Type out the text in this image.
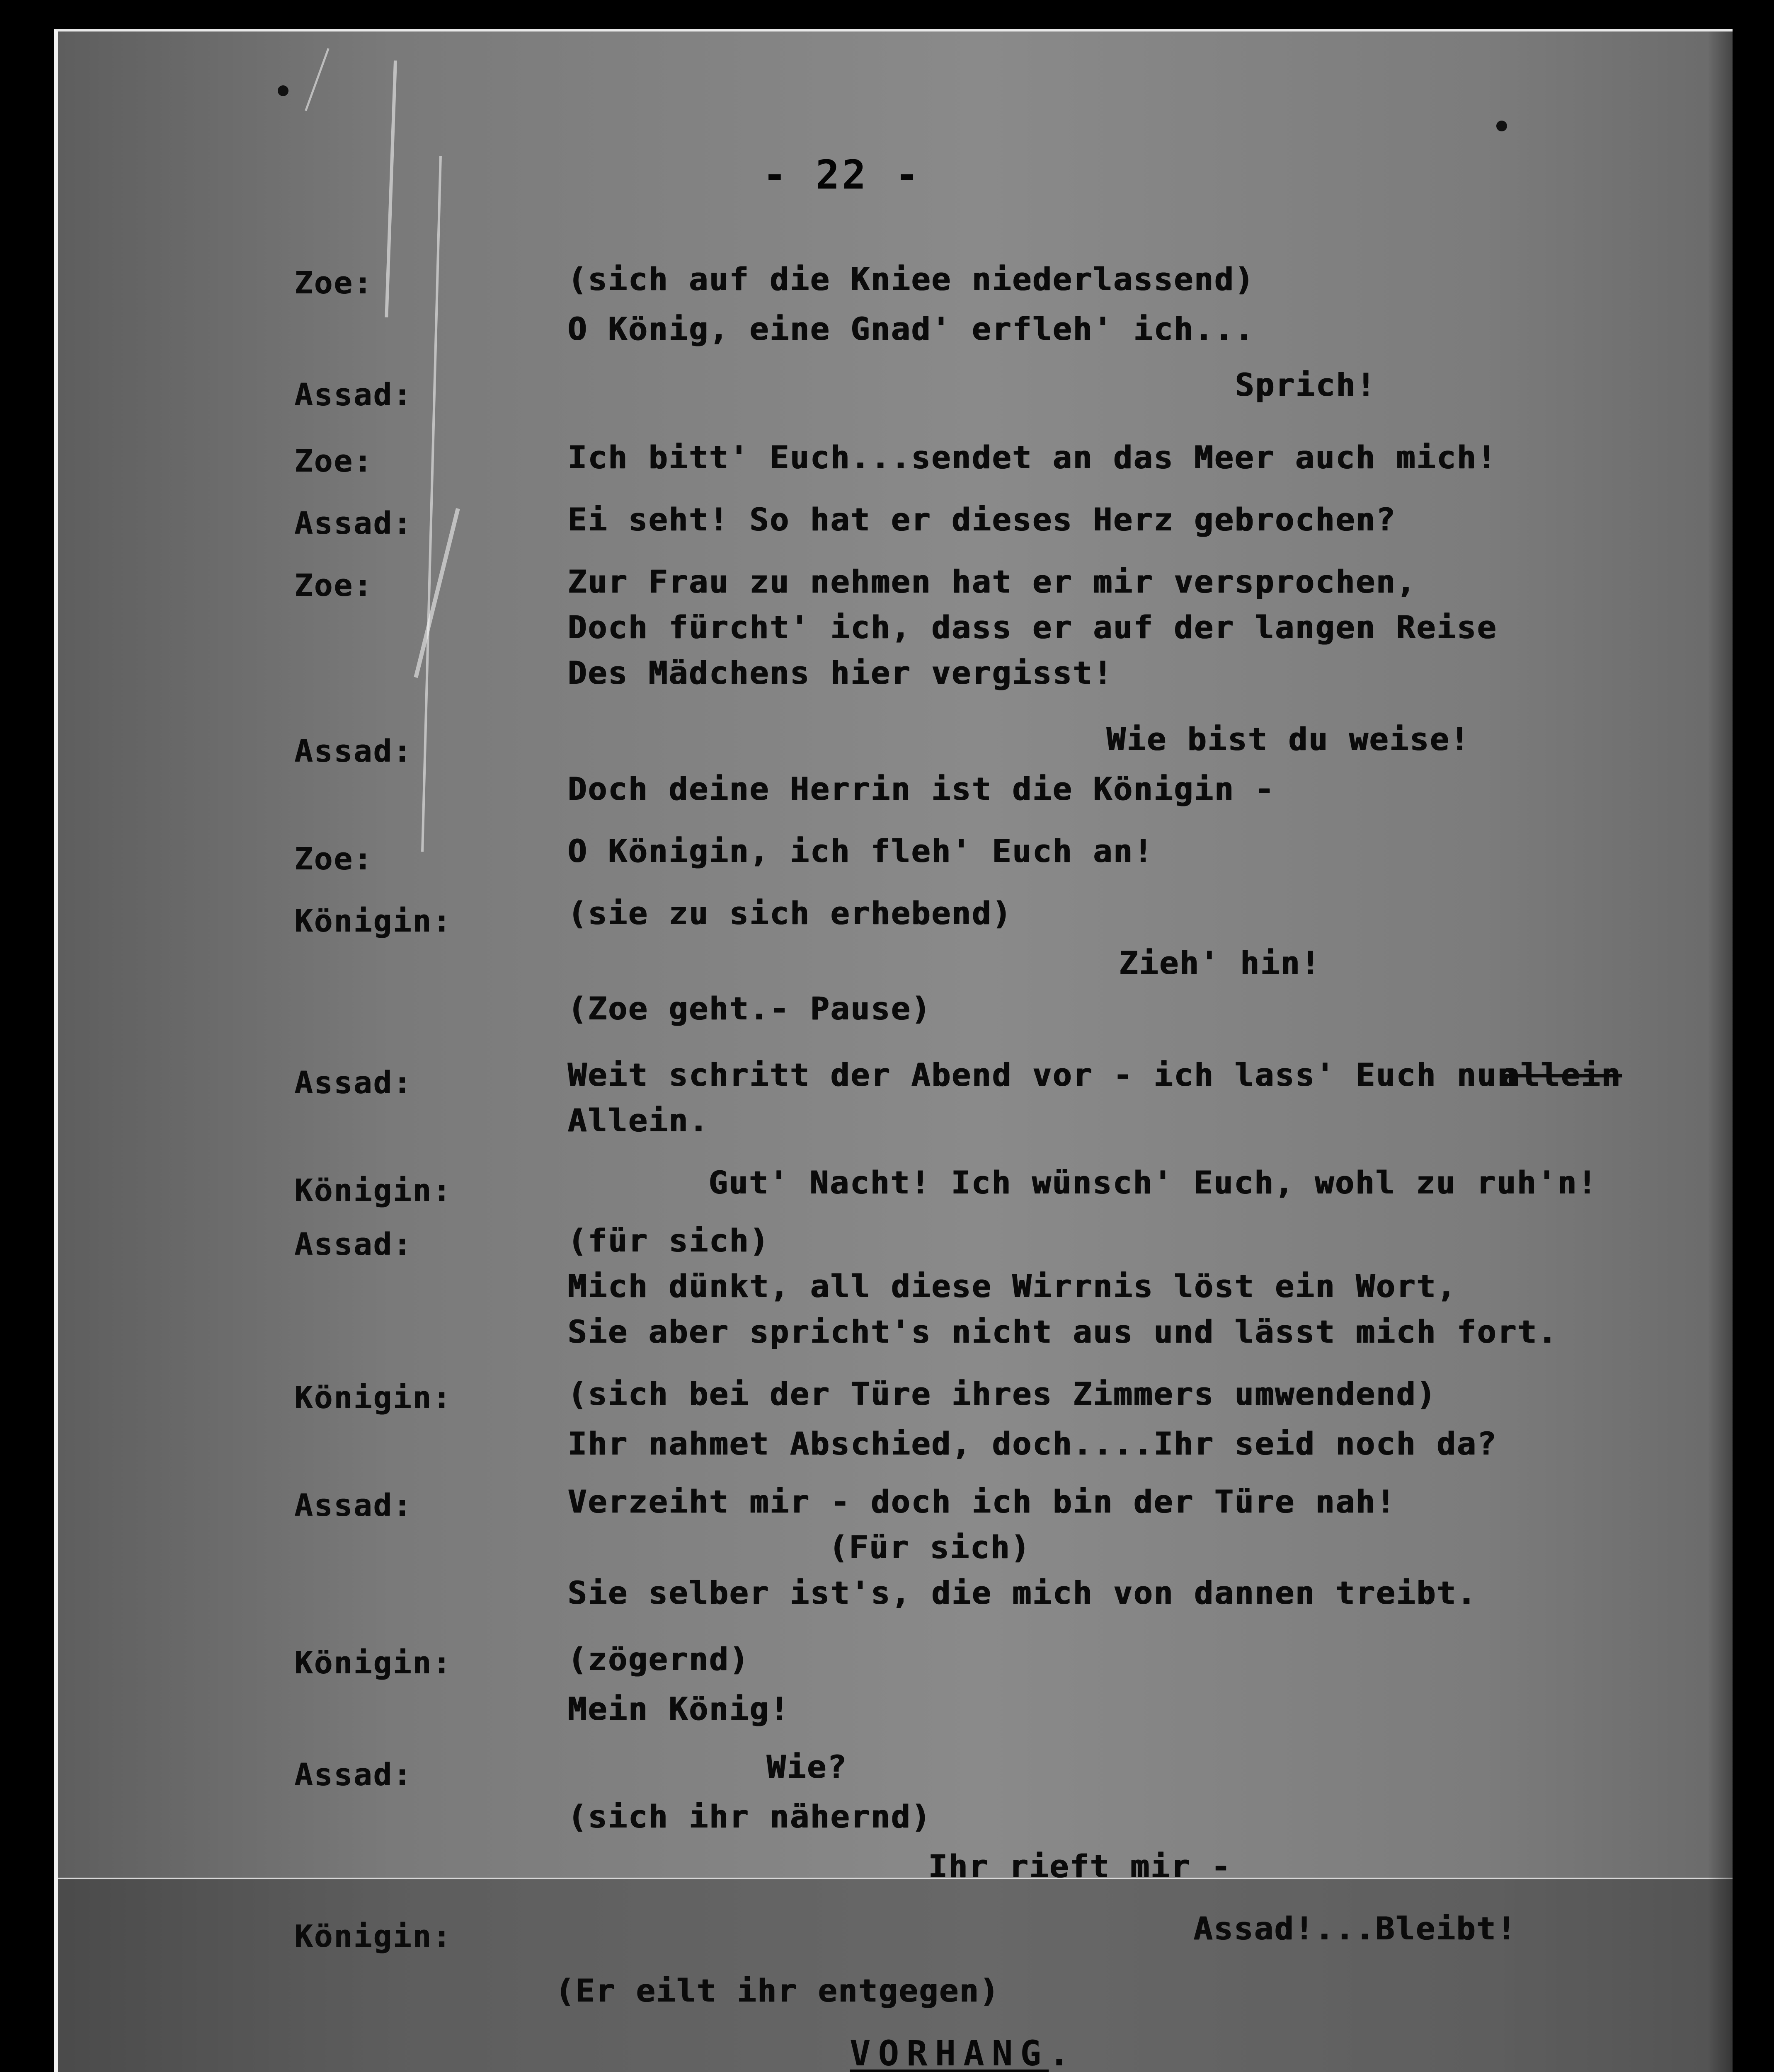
- 22 -
Zoe:
Assad:
Zoe:
Assad:
Zoe:
Assad:
Zoe:
Königin:
Assad:
Königin:
Assad:
Königin:
Assad:
Königin:
Assad:
Königin:
(sich auf die Kniee niederlassend)
O König, eine Gnad' erfleh' ich...
Sprich!
Ich bitt' Euch...sendet an das Meer auch mich!
Ei seht! So hat er dieses Herz gebrochen?
Zur Frau zu nehmen hat er mir versprochen,
Doch fürcht' ich, dass er auf der langen Reise
Des Mädchens hier vergisst!
Wie bist du weise!
Doch deine Herrin ist die Königin -
O Königin, ich fleh' Euch an!
(sie zu sich erhebend)
Zieh' hin!
(Zoe geht.- Pause)
Weit schritt der Abend vor - ich lass' Euch nun
allein
Allein.
Gut' Nacht! Ich wünsch' Euch, wohl zu ruh'n!
(für sich)
Mich dünkt, all diese Wirrnis löst ein Wort,
Sie aber spricht's nicht aus und lässt mich fort.
(sich bei der Türe ihres Zimmers umwendend)
Ihr nahmet Abschied, doch....Ihr seid noch da?
Verzeiht mir - doch ich bin der Türe nah!
(Für sich)
Sie selber ist's, die mich von dannen treibt.
(zögernd)
Mein König!
Wie?
(sich ihr nähernd)
Ihr rieft mir -
Assad!...Bleibt!
(Er eilt ihr entgegen)
VORHANG.
